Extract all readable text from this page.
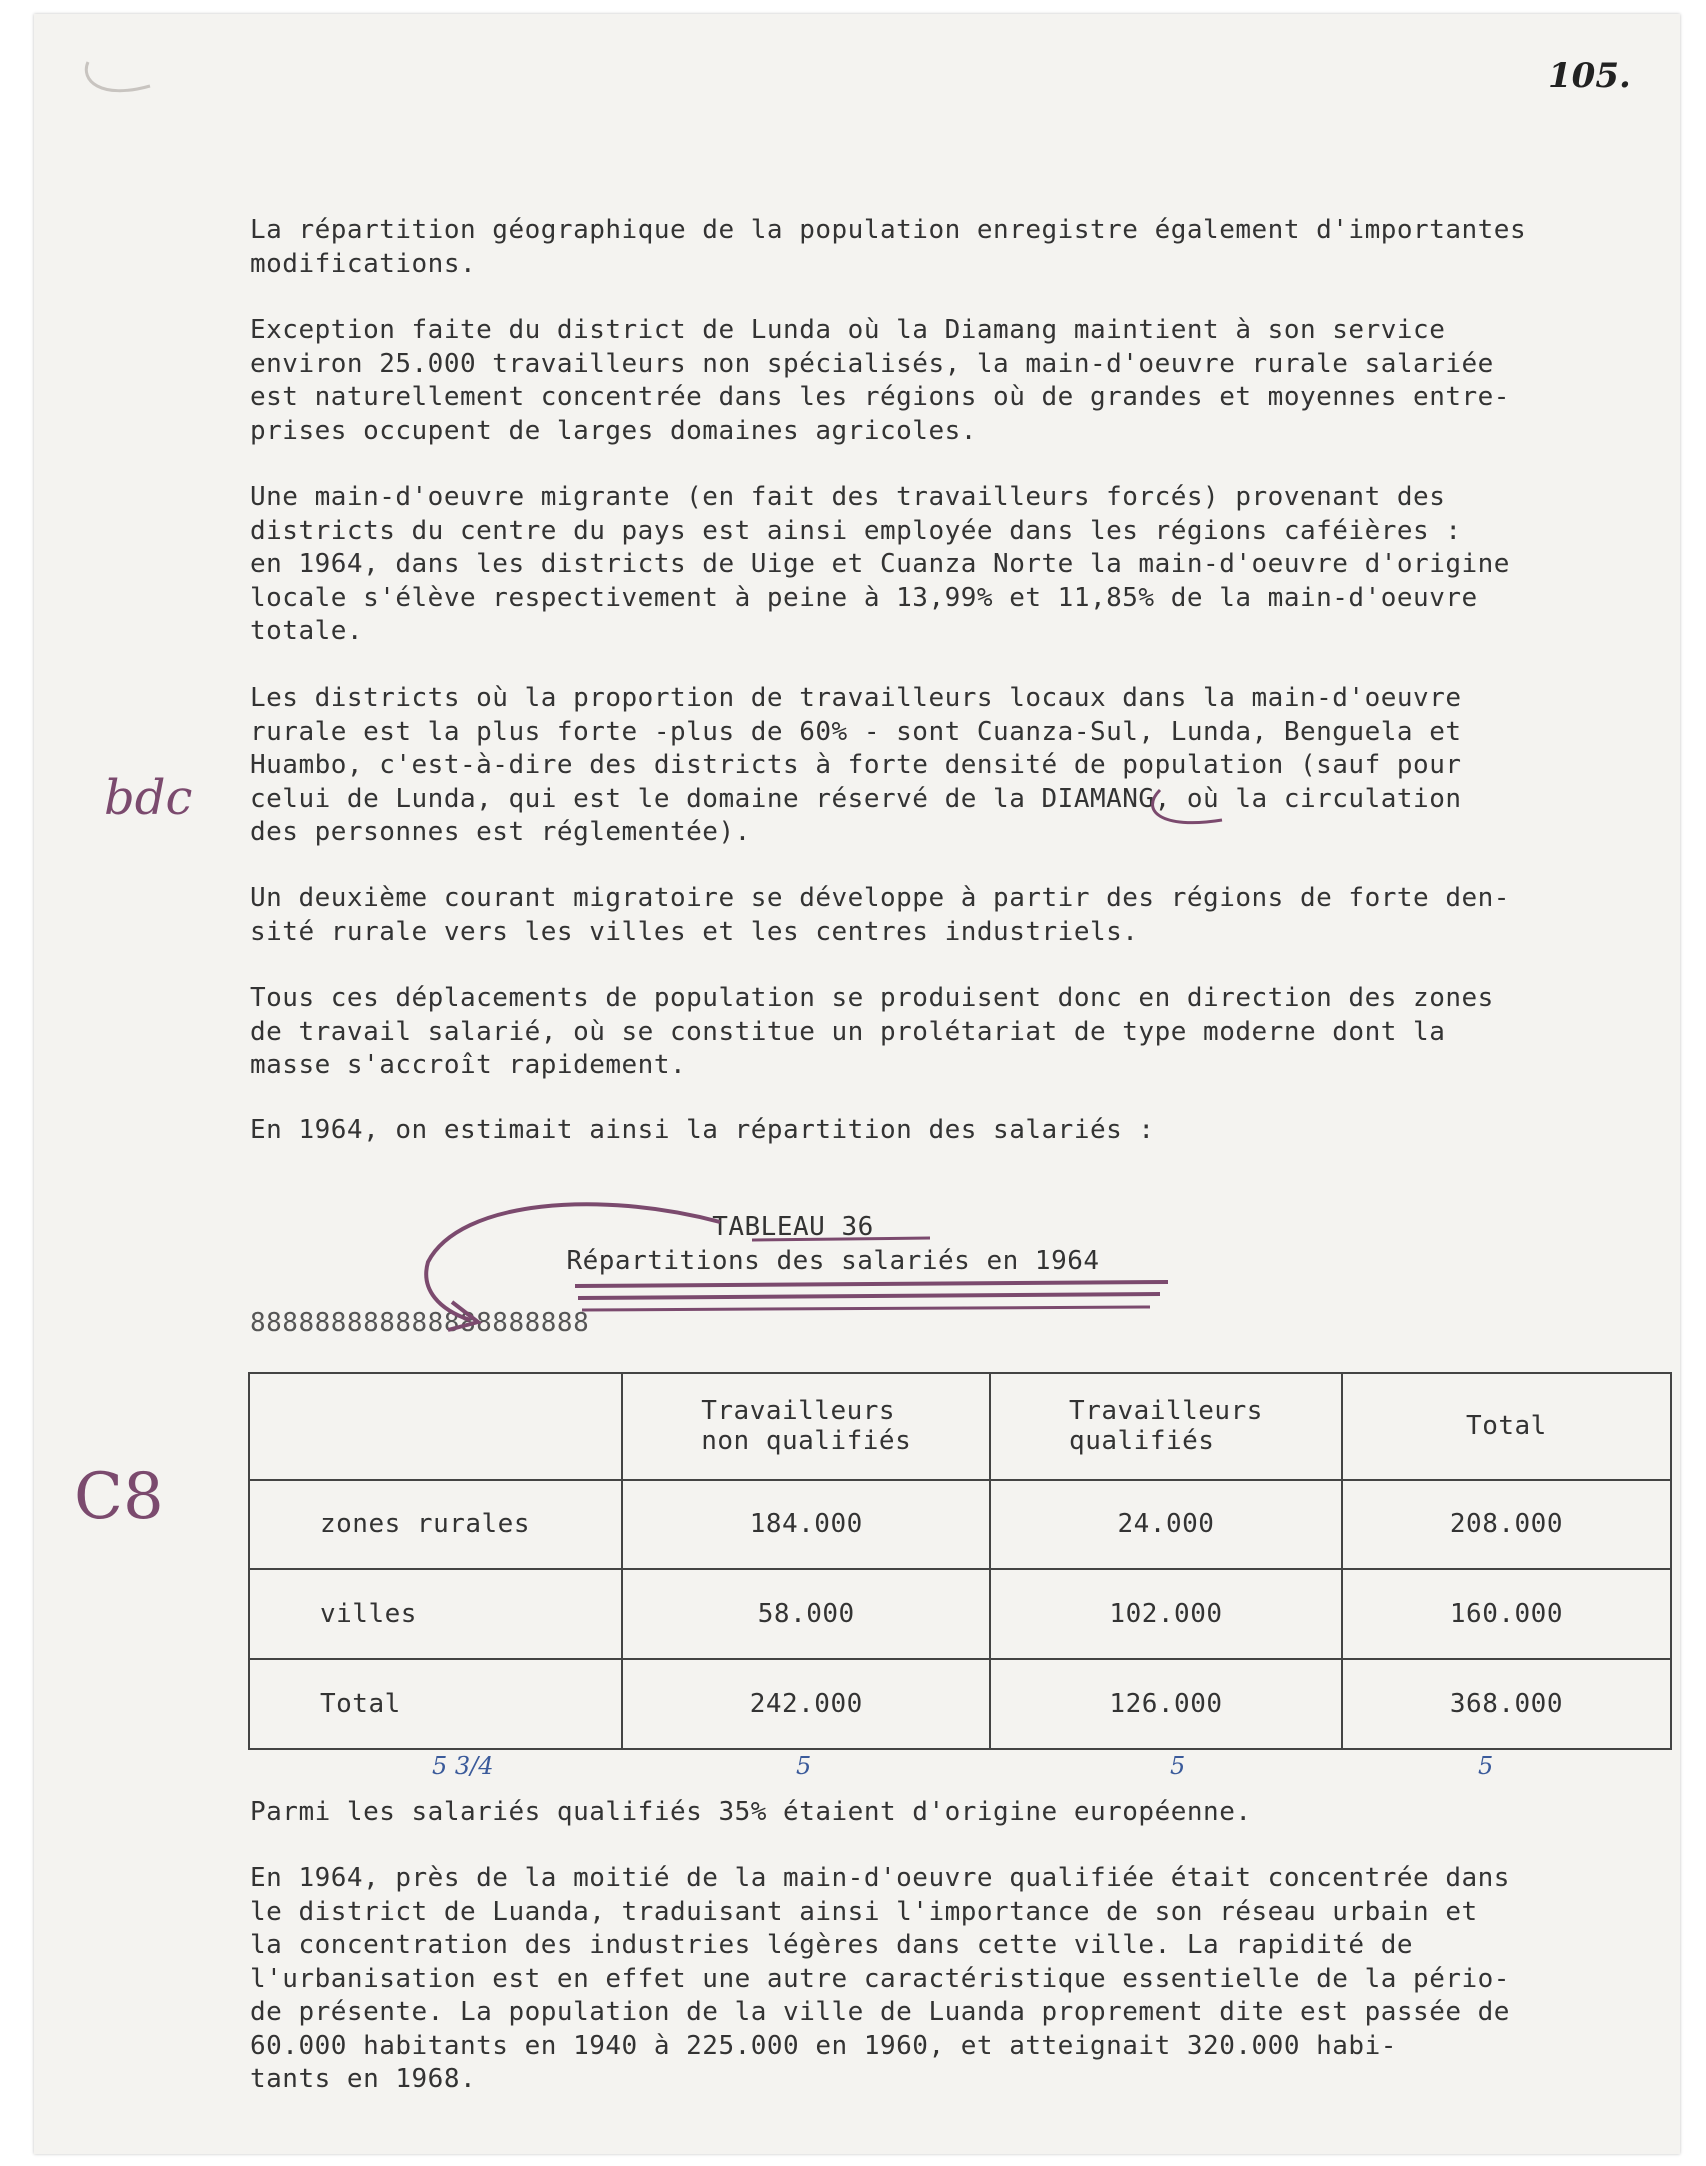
105.
La répartition géographique de la population enregistre également d'importantes
modifications.
Exception faite du district de Lunda où la Diamang maintient à son service
environ 25.000 travailleurs non spécialisés, la main-d'oeuvre rurale salariée
est naturellement concentrée dans les régions où de grandes et moyennes entre-
prises occupent de larges domaines agricoles.
Une main-d'oeuvre migrante (en fait des travailleurs forcés) provenant des
districts du centre du pays est ainsi employée dans les régions caféières :
en 1964, dans les districts de Uige et Cuanza Norte la main-d'oeuvre d'origine
locale s'élève respectivement à peine à 13,99% et 11,85% de la main-d'oeuvre
totale.
Les districts où la proportion de travailleurs locaux dans la main-d'oeuvre
rurale est la plus forte -plus de 60% - sont Cuanza-Sul, Lunda, Benguela et
Huambo, c'est-à-dire des districts à forte densité de population (sauf pour
celui de Lunda, qui est le domaine réservé de la DIAMANG, où la circulation
des personnes est réglementée).
Un deuxième courant migratoire se développe à partir des régions de forte den-
sité rurale vers les villes et les centres industriels.
Tous ces déplacements de population se produisent donc en direction des zones
de travail salarié, où se constitue un prolétariat de type moderne dont la
masse s'accroît rapidement.
En 1964, on estimait ainsi la répartition des salariés :
TABLEAU 36
Répartitions des salariés en 1964
888888888888888888888
	Travailleurs
non qualifiés	Travailleurs
qualifiés	Total
zones rurales	184.000	24.000	208.000
villes	58.000	102.000	160.000
Total	242.000	126.000	368.000
Parmi les salariés qualifiés 35% étaient d'origine européenne.
En 1964, près de la moitié de la main-d'oeuvre qualifiée était concentrée dans
le district de Luanda, traduisant ainsi l'importance de son réseau urbain et
la concentration des industries légères dans cette ville. La rapidité de
l'urbanisation est en effet une autre caractéristique essentielle de la pério-
de présente. La population de la ville de Luanda proprement dite est passée de
60.000 habitants en 1940 à 225.000 en 1960, et atteignait 320.000 habi-
tants en 1968.
bdc
C8
5 3/4	5	5	5
